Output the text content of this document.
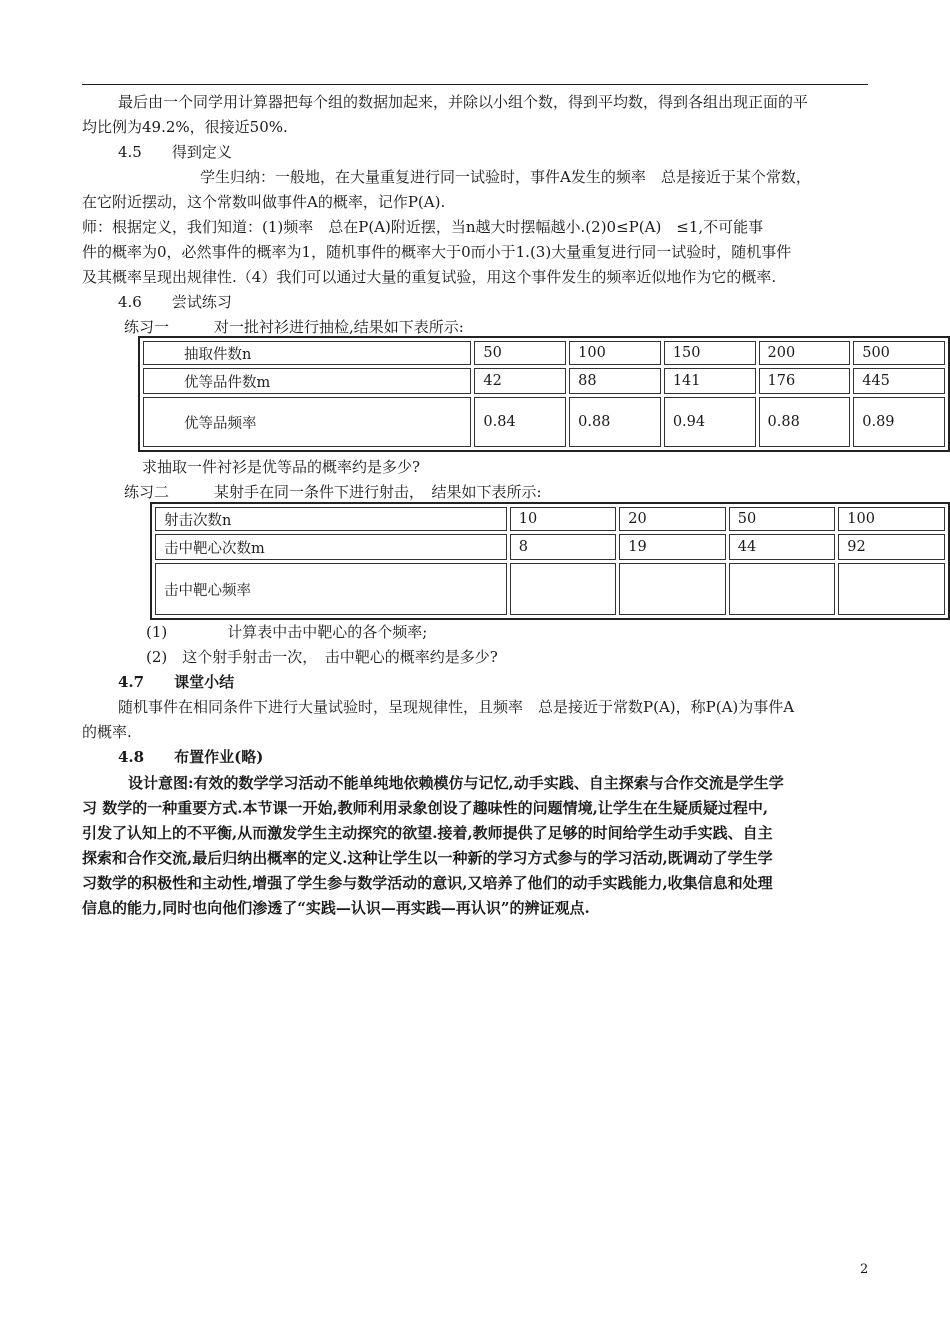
最后由一个同学用计算器把每个组的数据加起来，并除以小组个数，得到平均数，得到各组出现正面的平
均比例为49.2%，很接近50%.
4.5　　得到定义
学生归纳：一般地，在大量重复进行同一试验时，事件A发生的频率　总是接近于某个常数，
在它附近摆动，这个常数叫做事件A的概率，记作P(A).
师：根据定义，我们知道：(1)频率　总在P(A)附近摆，当n越大时摆幅越小.(2)0≤P(A)　≤1,不可能事
件的概率为0，必然事件的概率为1，随机事件的概率大于0而小于1.(3)大量重复进行同一试验时，随机事件
及其概率呈现出规律性.（4）我们可以通过大量的重复试验，用这个事件发生的频率近似地作为它的概率.
4.6　　尝试练习
练习一　　　对一批衬衫进行抽检,结果如下表所示:
抽取件数n	50	100	150	200	500
优等品件数m	42	88	141	176	445
优等品频率	0.84	0.88	0.94	0.88	0.89
求抽取一件衬衫是优等品的概率约是多少?
练习二　　　某射手在同一条件下进行射击，　结果如下表所示:
射击次数n	10	20	50	100
击中靶心次数m	8	19	44	92
击中靶心频率				
(1)　　　　计算表中击中靶心的各个频率;
(2)　这个射手射击一次，　击中靶心的概率约是多少?
4.7　　课堂小结
随机事件在相同条件下进行大量试验时，呈现规律性，且频率　总是接近于常数P(A)，称P(A)为事件A
的概率.
4.8　　布置作业(略)
设计意图:有效的数学学习活动不能单纯地依赖模仿与记忆,动手实践、自主探索与合作交流是学生学
习 数学的一种重要方式.本节课一开始,教师利用录象创设了趣味性的问题情境,让学生在生疑质疑过程中,
引发了认知上的不平衡,从而激发学生主动探究的欲望.接着,教师提供了足够的时间给学生动手实践、自主
探索和合作交流,最后归纳出概率的定义.这种让学生以一种新的学习方式参与的学习活动,既调动了学生学
习数学的积极性和主动性,增强了学生参与数学活动的意识,又培养了他们的动手实践能力,收集信息和处理
信息的能力,同时也向他们渗透了“实践—认识—再实践—再认识”的辨证观点.
2
